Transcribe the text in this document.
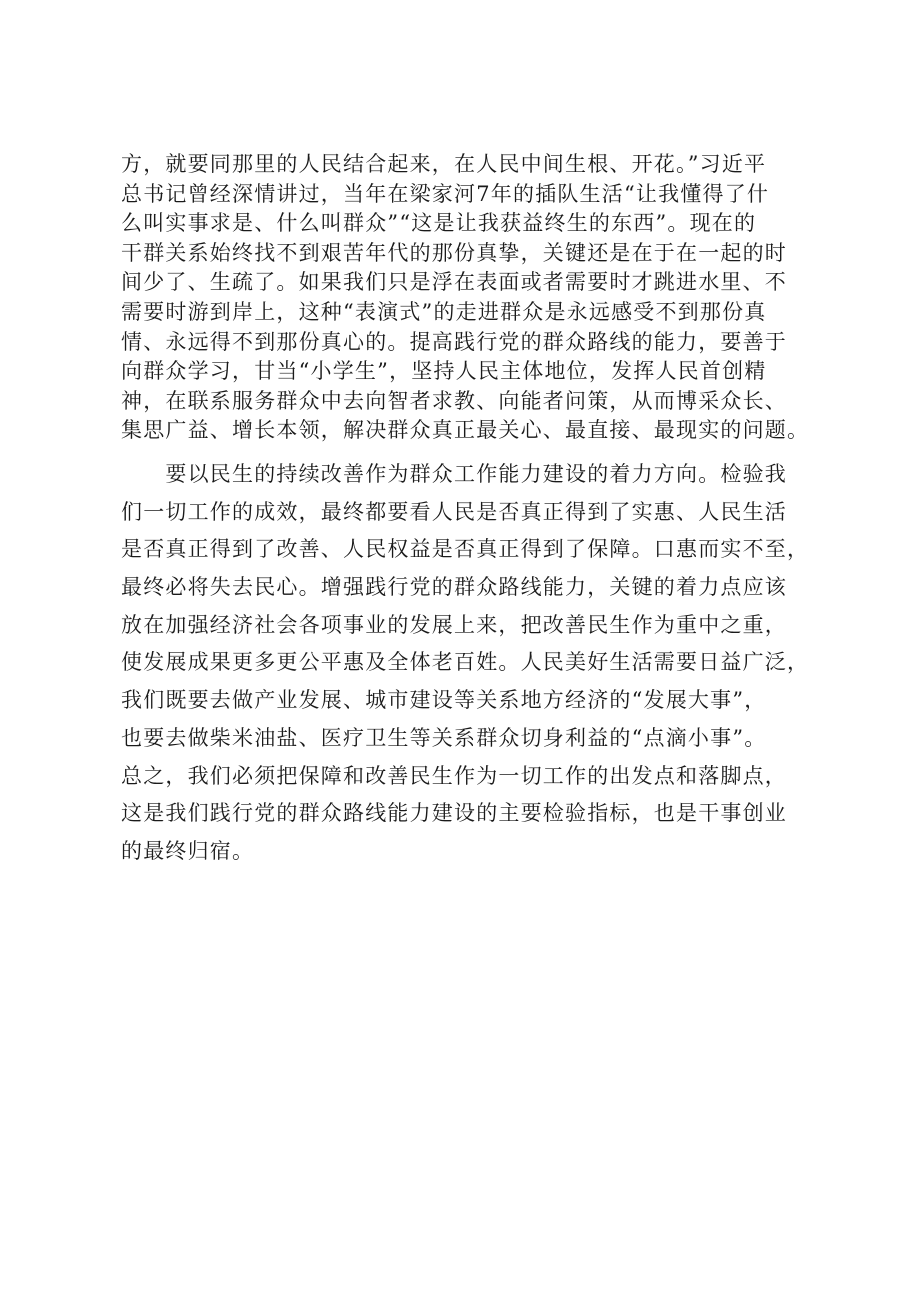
方，就要同那里的人民结合起来，在人民中间生根、开花。”习近平
总书记曾经深情讲过，当年在梁家河7年的插队生活“让我懂得了什
么叫实事求是、什么叫群众”“这是让我获益终生的东西”。现在的
干群关系始终找不到艰苦年代的那份真挚，关键还是在于在一起的时
间少了、生疏了。如果我们只是浮在表面或者需要时才跳进水里、不
需要时游到岸上，这种“表演式”的走进群众是永远感受不到那份真
情、永远得不到那份真心的。提高践行党的群众路线的能力，要善于
向群众学习，甘当“小学生”，坚持人民主体地位，发挥人民首创精
神，在联系服务群众中去向智者求教、向能者问策，从而博采众长、
集思广益、增长本领，解决群众真正最关心、最直接、最现实的问题。
　　要以民生的持续改善作为群众工作能力建设的着力方向。检验我
们一切工作的成效，最终都要看人民是否真正得到了实惠、人民生活
是否真正得到了改善、人民权益是否真正得到了保障。口惠而实不至，
最终必将失去民心。增强践行党的群众路线能力，关键的着力点应该
放在加强经济社会各项事业的发展上来，把改善民生作为重中之重，
使发展成果更多更公平惠及全体老百姓。人民美好生活需要日益广泛，
我们既要去做产业发展、城市建设等关系地方经济的“发展大事”，
也要去做柴米油盐、医疗卫生等关系群众切身利益的“点滴小事”。
总之，我们必须把保障和改善民生作为一切工作的出发点和落脚点，
这是我们践行党的群众路线能力建设的主要检验指标，也是干事创业
的最终归宿。
